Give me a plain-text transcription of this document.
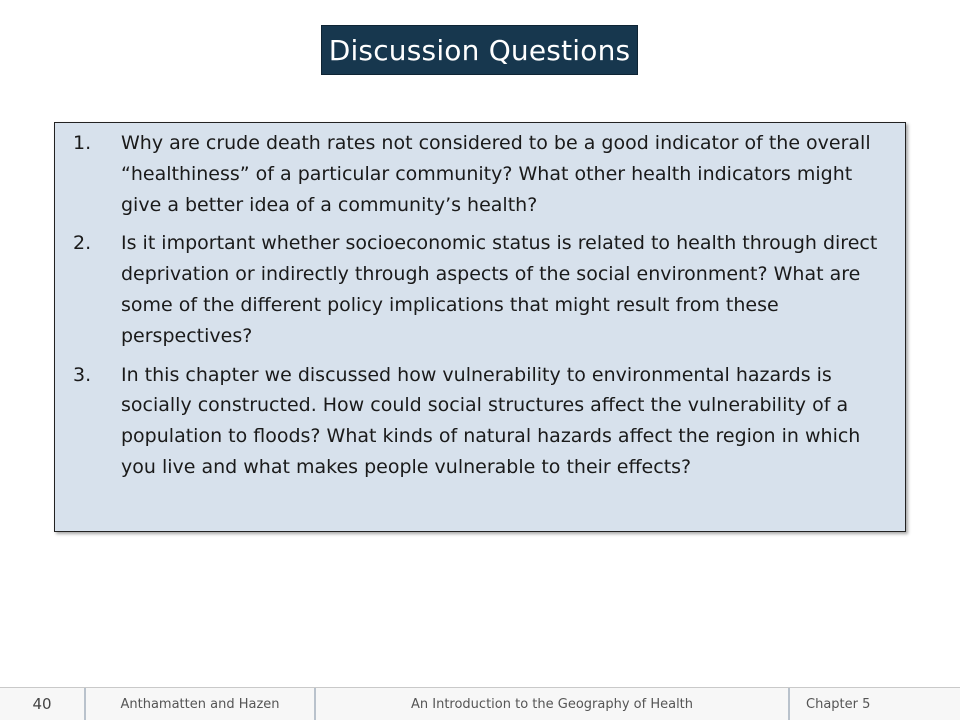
Discussion Questions
1.	Why are crude death rates not considered to be a good indicator of the overall “healthiness” of a particular community? What other health indicators might give a better idea of a community’s health?
2.	Is it important whether socioeconomic status is related to health through direct deprivation or indirectly through aspects of the social environment? What are some of the different policy implications that might result from these perspectives?
3.	In this chapter we discussed how vulnerability to environmental hazards is socially constructed. How could social structures affect the vulnerability of a population to floods? What kinds of natural hazards affect the region in which you live and what makes people vulnerable to their effects?
40	Anthamatten and Hazen	An Introduction to the Geography of Health	Chapter 5
